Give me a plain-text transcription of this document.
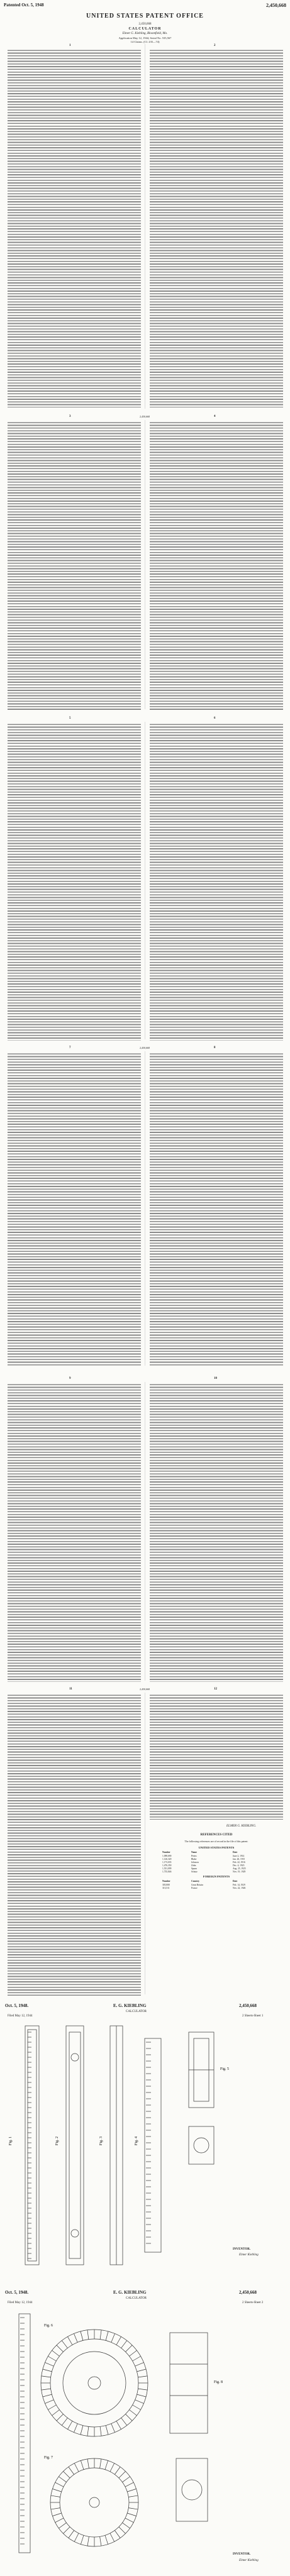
Patented Oct. 5, 1948	2,450,668
UNITED STATES PATENT OFFICE
2,450,668
CALCULATOR
Elmer G. Kiebling, Bloomfield, Mo.
Application May 12, 1944, Serial No. 535,567
14 Claims. (Cl. 235—74)
1	2
3	2,450,668	4
5	6
7	2,450,668	8
9	10
11	2,450,668	12
ELMER G. KIEBLING.
REFERENCES CITED
The following references are of record in the file of this patent:
UNITED STATES PATENTS
Number	Name	Date
1,098,690	Peters	June 2, 1914
1,126,320	Blake	Jan. 26, 1915
1,173,035	Johnson	Feb. 22, 1916
1,476,350	Zahn	Dec. 4, 1923
1,551,099	Spaan	Aug. 25, 1925
1,735,846	Schutz	Nov. 19, 1929
FOREIGN PATENTS
Number	Country	Date
305,808	Great Britain	Feb. 14, 1929
313,511	France	Nov. 22, 1926
Oct. 5, 1948.	E. G. KIEBLING	2,450,668
CALCULATOR
Filed May 12, 1944	2 Sheets-Sheet 1
Fig. 1	Fig. 2	Fig. 3	Fig. 4
Fig. 5
INVENTOR.
Elmer Kiebling
Oct. 5, 1948.	E. G. KIEBLING	2,450,668
CALCULATOR
Filed May 12, 1944	2 Sheets-Sheet 2
Fig. 6
Fig. 7
Fig. 8
INVENTOR.
Elmer Kiebling
